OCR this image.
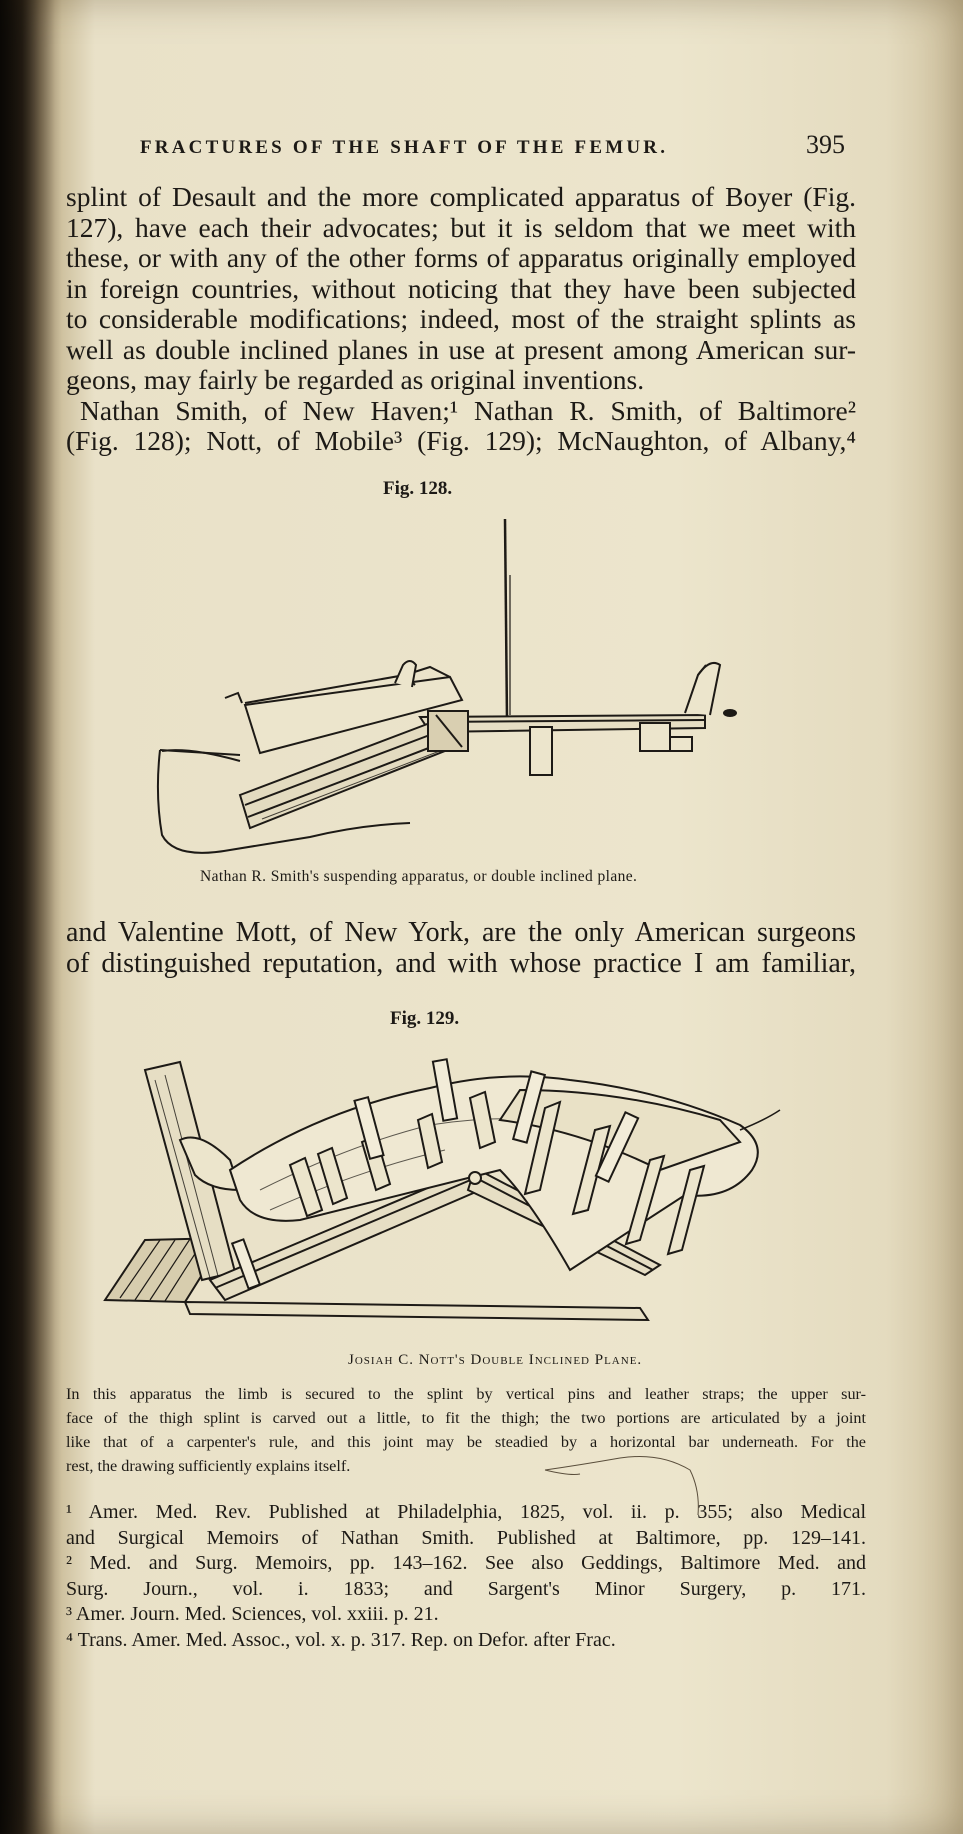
FRACTURES OF THE SHAFT OF THE FEMUR.	395
splint of Desault and the more complicated apparatus of Boyer (Fig.
127), have each their advocates; but it is seldom that we meet with
these, or with any of the other forms of apparatus originally employed
in foreign countries, without noticing that they have been subjected
to considerable modifications; indeed, most of the straight splints as
well as double inclined planes in use at present among American sur-
geons, may fairly be regarded as original inventions.
Nathan Smith, of New Haven;¹ Nathan R. Smith, of Baltimore²
(Fig. 128); Nott, of Mobile³ (Fig. 129); McNaughton, of Albany,⁴
Fig. 128.
Nathan R. Smith's suspending apparatus, or double inclined plane.
and Valentine Mott, of New York, are the only American surgeons
of distinguished reputation, and with whose practice I am familiar,
Fig. 129.
Josiah C. Nott's Double Inclined Plane.
In this apparatus the limb is secured to the splint by vertical pins and leather straps; the upper sur-
face of the thigh splint is carved out a little, to fit the thigh; the two portions are articulated by a joint
like that of a carpenter's rule, and this joint may be steadied by a horizontal bar underneath. For the
rest, the drawing sufficiently explains itself.
¹ Amer. Med. Rev. Published at Philadelphia, 1825, vol. ii. p. 355; also Medical
and Surgical Memoirs of Nathan Smith. Published at Baltimore, pp. 129–141.
² Med. and Surg. Memoirs, pp. 143–162. See also Geddings, Baltimore Med. and
Surg. Journ., vol. i. 1833; and Sargent's Minor Surgery, p. 171.
³ Amer. Journ. Med. Sciences, vol. xxiii. p. 21.
⁴ Trans. Amer. Med. Assoc., vol. x. p. 317. Rep. on Defor. after Frac.
